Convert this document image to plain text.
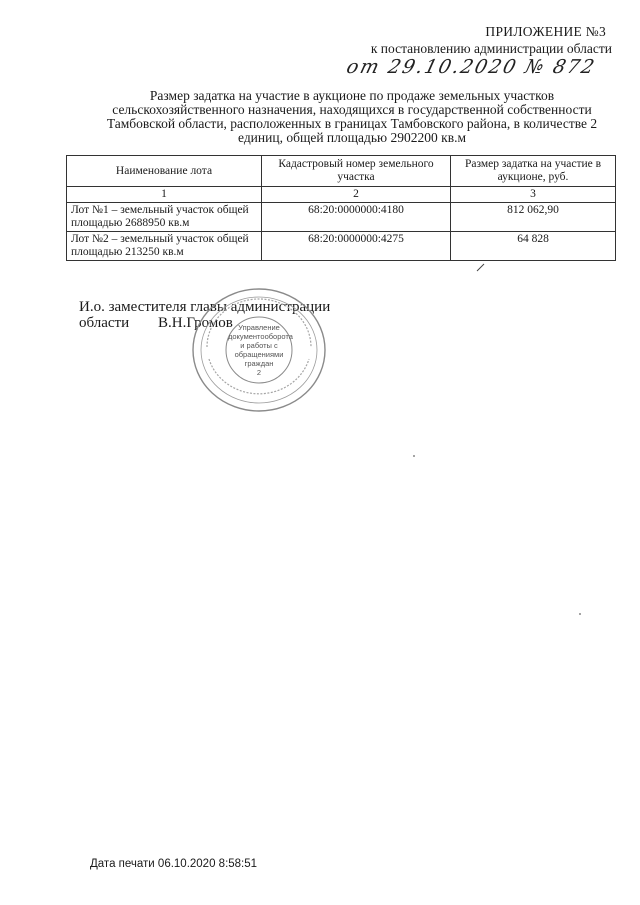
ПРИЛОЖЕНИЕ №3
к постановлению администрации области
от 29.10.2020 № 872
Размер задатка на участие в аукционе по продаже земельных участков сельскохозяйственного назначения, находящихся в государственной собственности Тамбовской области, расположенных в границах Тамбовского района, в количестве 2 единиц, общей площадью 2902200 кв.м
Наименование лота	Кадастровый номер земельного участка	Размер задатка на участие в аукционе, руб.
1	2	3
Лот №1 – земельный участок общей площадью 2688950 кв.м	68:20:0000000:4180	812 062,90
Лот №2 – земельный участок общей площадью 213250 кв.м	68:20:0000000:4275	64 828
И.о. заместителя главы администрации
области В.Н.Громов Управление документооборота и работы с обращениями граждан
2
Дата печати 06.10.2020 8:58:51
